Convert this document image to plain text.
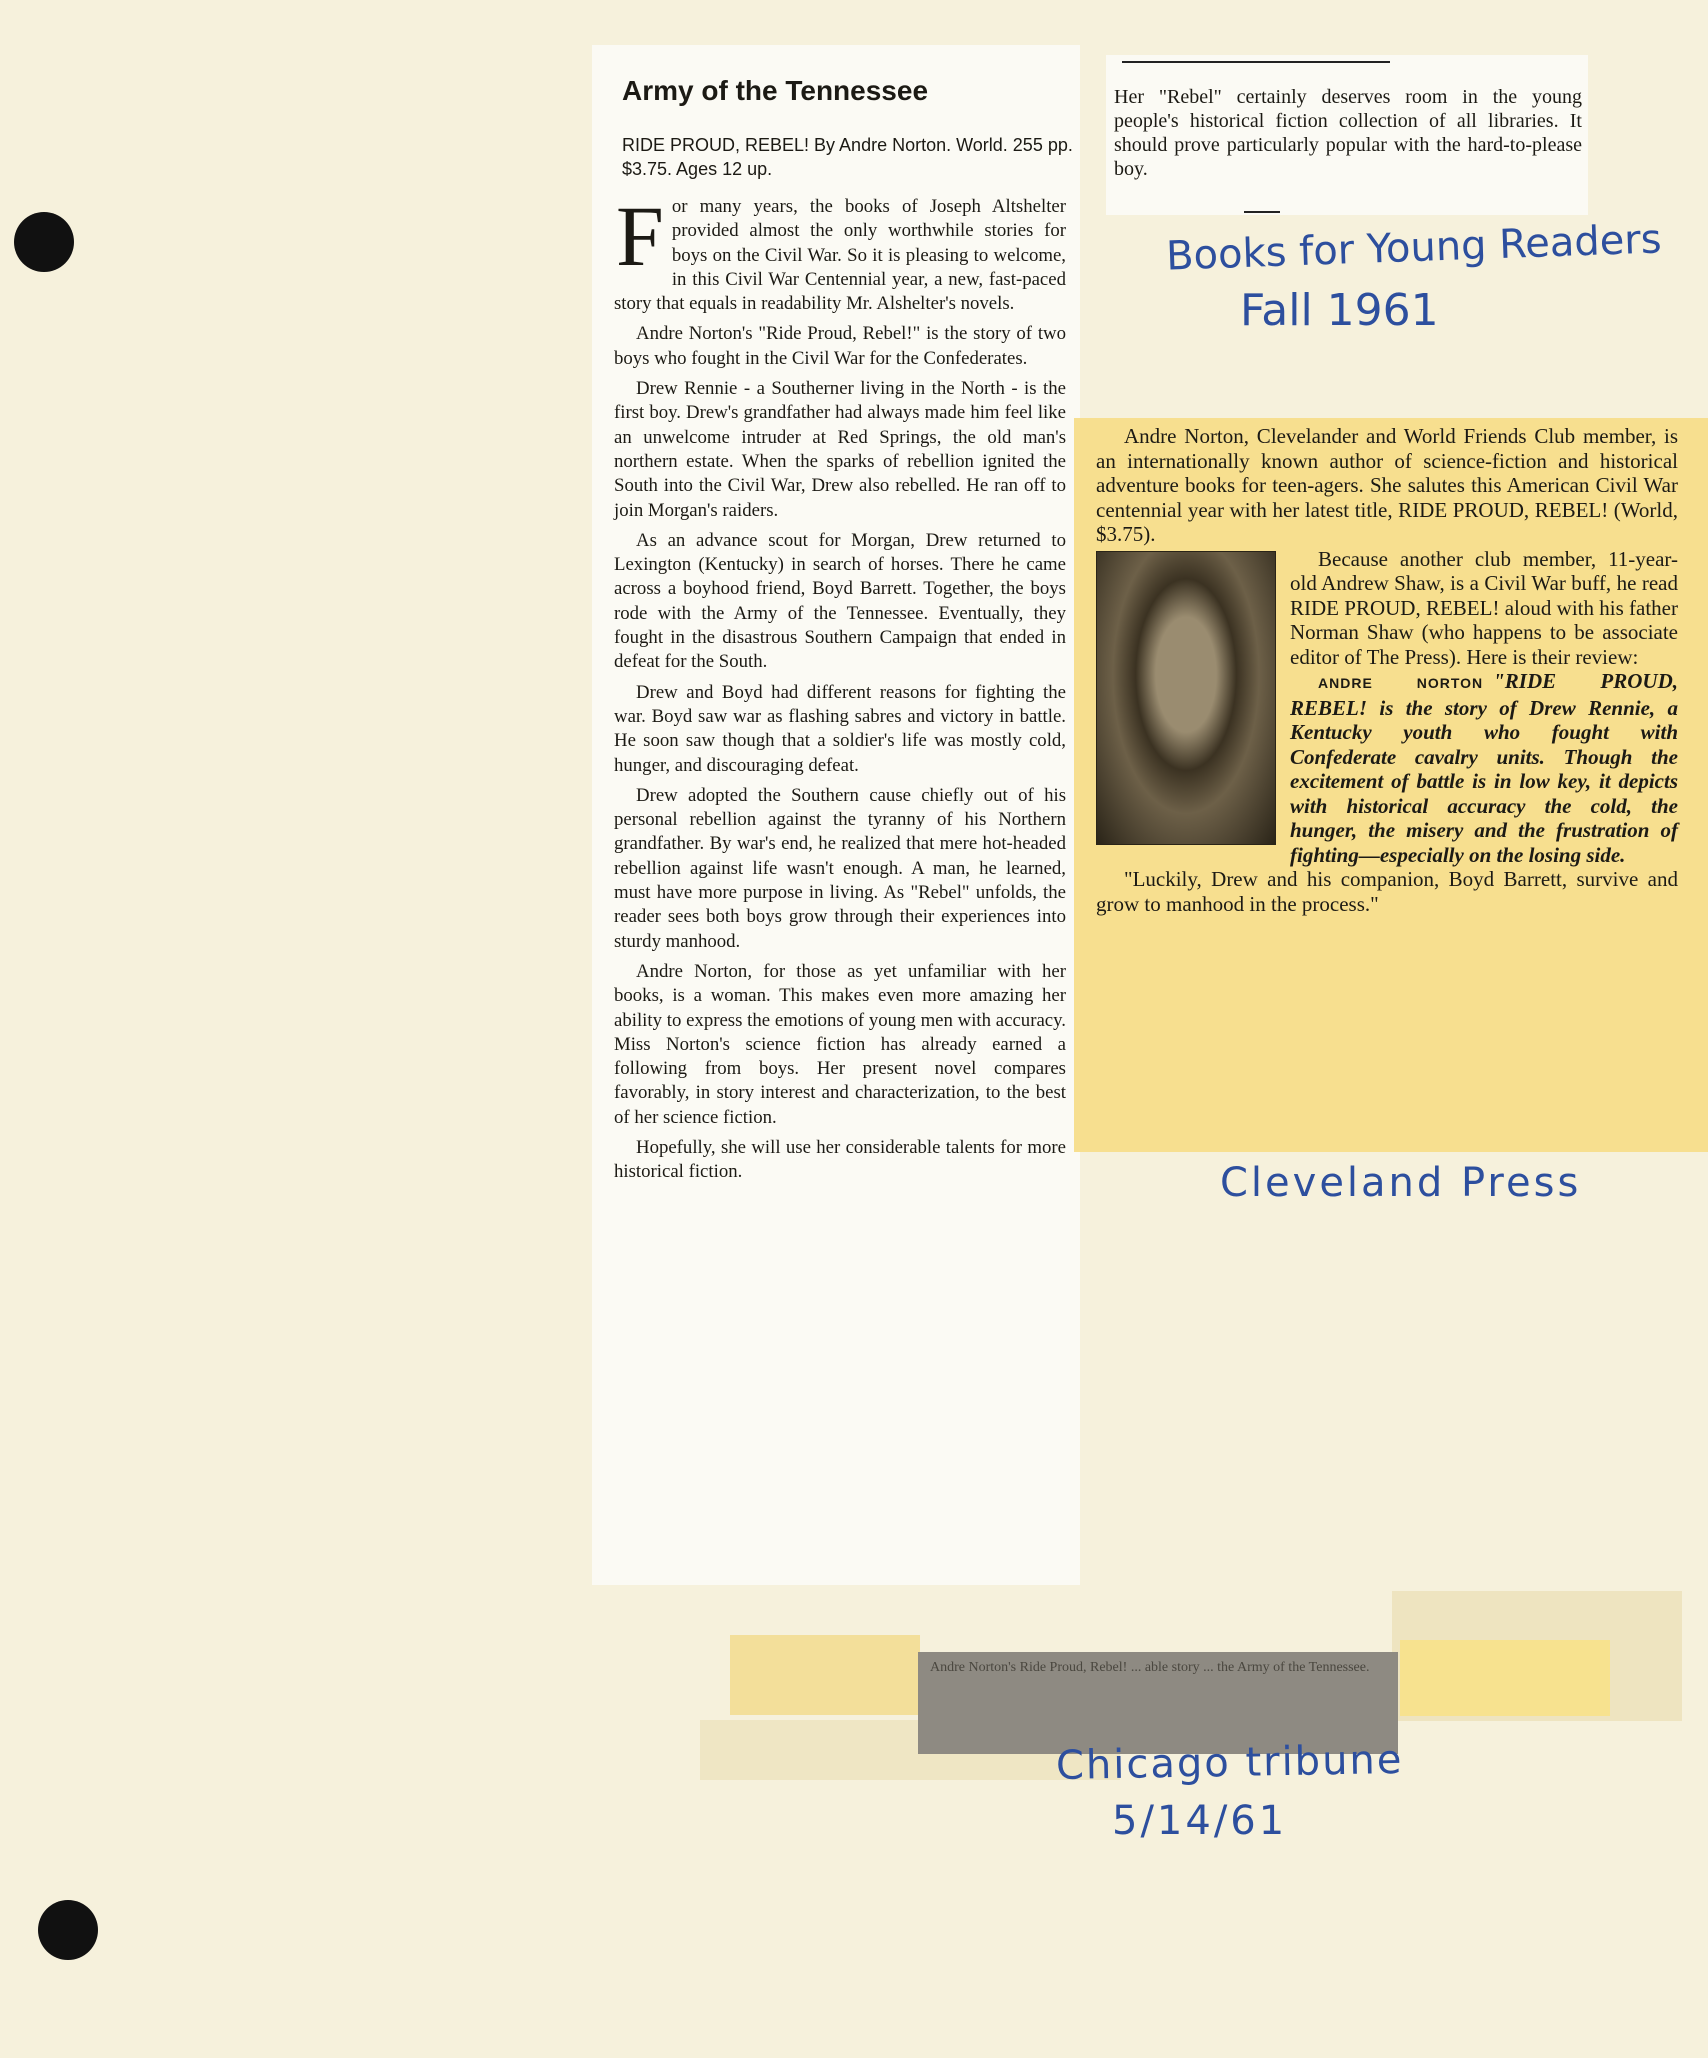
Army of the Tennessee
RIDE PROUD, REBEL! By Andre Norton. World. 255 pp. $3.75. Ages 12 up.

For many years, the books of Joseph Altshelter provided almost the only worthwhile stories for boys on the Civil War. So it is pleasing to welcome, in this Civil War Centennial year, a new, fast-paced story that equals in readability Mr. Alshelter's novels.

Andre Norton's "Ride Proud, Rebel!" is the story of two boys who fought in the Civil War for the Confederates.

Drew Rennie - a Southerner living in the North - is the first boy. Drew's grandfather had always made him feel like an unwelcome intruder at Red Springs, the old man's northern estate. When the sparks of rebellion ignited the South into the Civil War, Drew also rebelled. He ran off to join Morgan's raiders.

As an advance scout for Morgan, Drew returned to Lexington (Kentucky) in search of horses. There he came across a boyhood friend, Boyd Barrett. Together, the boys rode with the Army of the Tennessee. Eventually, they fought in the disastrous Southern Campaign that ended in defeat for the South.

Drew and Boyd had different reasons for fighting the war. Boyd saw war as flashing sabres and victory in battle. He soon saw though that a soldier's life was mostly cold, hunger, and discouraging defeat.

Drew adopted the Southern cause chiefly out of his personal rebellion against the tyranny of his Northern grandfather. By war's end, he realized that mere hot-headed rebellion against life wasn't enough. A man, he learned, must have more purpose in living. As "Rebel" unfolds, the reader sees both boys grow through their experiences into sturdy manhood.

Andre Norton, for those as yet unfamiliar with her books, is a woman. This makes even more amazing her ability to express the emotions of young men with accuracy. Miss Norton's science fiction has already earned a following from boys. Her present novel compares favorably, in story interest and characterization, to the best of her science fiction.

Hopefully, she will use her considerable talents for more historical fiction.

Her "Rebel" certainly deserves room in the young people's historical fiction collection of all libraries. It should prove particularly popular with the hard-to-please boy.
Books for Young Readers
Fall 1961

Andre Norton, Clevelander and World Friends Club member, is an internationally known author of science-fiction and historical adventure books for teen-agers. She salutes this American Civil War centennial year with her latest title, RIDE PROUD, REBEL! (World, $3.75).

Because another club member, 11-year-old Andrew Shaw, is a Civil War buff, he read RIDE PROUD, REBEL! aloud with his father Norman Shaw (who happens to be associate editor of The Press). Here is their review:

ANDRE NORTON "RIDE PROUD, REBEL! is the story of Drew Rennie, a Kentucky youth who fought with Confederate cavalry units. Though the excitement of battle is in low key, it depicts with historical accuracy the cold, the hunger, the misery and the frustration of fighting—especially on the losing side.

"Luckily, Drew and his companion, Boyd Barrett, survive and grow to manhood in the process."

Cleveland Press
Andre Norton's Ride Proud, Rebel! ... able story ... the Army of the Tennessee.
Chicago tribune
5/14/61
